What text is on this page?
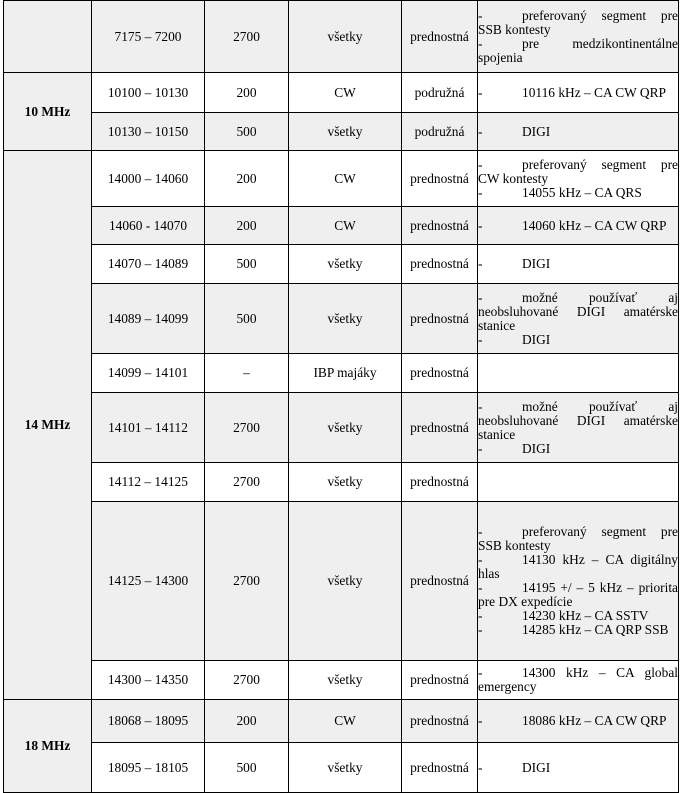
	7175 – 7200	2700	všetky	prednostná	- preferovaný segment pre SSB kontesty
- pre medzikontinentálne spojenia

10 MHz	10100 – 10130	200	CW	podružná	- 10116 kHz – CA CW QRP

	10130 – 10150	500	všetky	podružná	- DIGI

14 MHz	14000 – 14060	200	CW	prednostná	- preferovaný segment pre CW kontesty
- 14055 kHz – CA QRS

	14060 - 14070	200	CW	prednostná	- 14060 kHz – CA CW QRP

	14070 – 14089	500	všetky	prednostná	- DIGI

	14089 – 14099	500	všetky	prednostná	- možné používať aj neobsluhované DIGI amatérske stanice
- DIGI

	14099 – 14101	–	IBP majáky	prednostná	
	14101 – 14112	2700	všetky	prednostná	- možné používať aj neobsluhované DIGI amatérske stanice
- DIGI

	14112 – 14125	2700	všetky	prednostná	
	14125 – 14300	2700	všetky	prednostná	- preferovaný segment pre SSB kontesty
- 14130 kHz – CA digitálny hlas
- 14195 +/ – 5 kHz – priorita pre DX expedície
- 14230 kHz – CA SSTV
- 14285 kHz – CA QRP SSB

	14300 – 14350	2700	všetky	prednostná	- 14300 kHz – CA global emergency

18 MHz	18068 – 18095	200	CW	prednostná	- 18086 kHz – CA CW QRP

	18095 – 18105	500	všetky	prednostná	- DIGI
